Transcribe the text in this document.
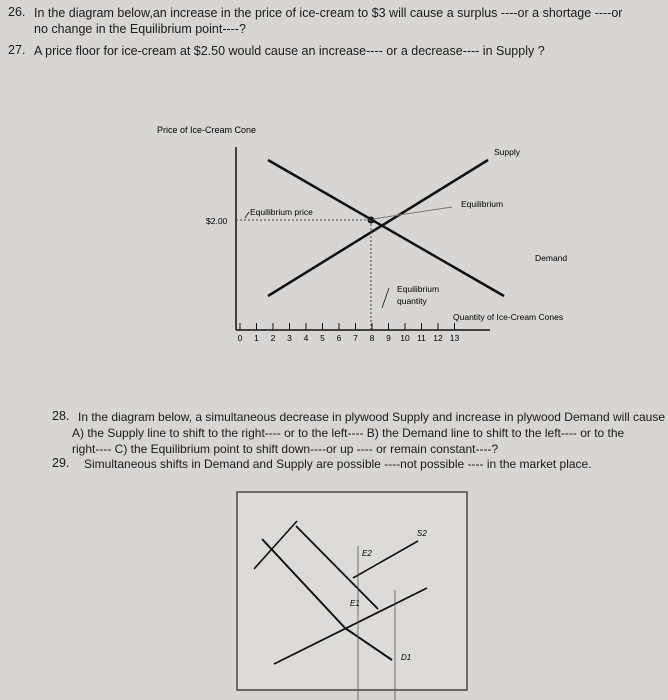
26. In the diagram below,an increase in the price of ice-cream to $3 will cause a surplus ----or a shortage ----or
no change in the Equilibrium point----?
27. A price floor for ice-cream at $2.50 would cause an increase---- or a decrease---- in Supply ?
Price of Ice-Cream Cone
Supply
Demand
Equilibrium
Equilibrium price
$2.00
Equilibrium
quantity
Quantity of Ice-Cream Cones
0 1 2 3 4 5 6 7 8 9 10 11 12 13
28. In the diagram below, a simultaneous decrease in plywood Supply and increase in plywood Demand will cause
A) the Supply line to shift to the right---- or to the left---- B) the Demand line to shift to the left---- or to the
right---- C) the Equilibrium point to shift down----or up ---- or remain constant----?
29. Simultaneous shifts in Demand and Supply are possible ----not possible ---- in the market place.
S2
E2
E1
D1
